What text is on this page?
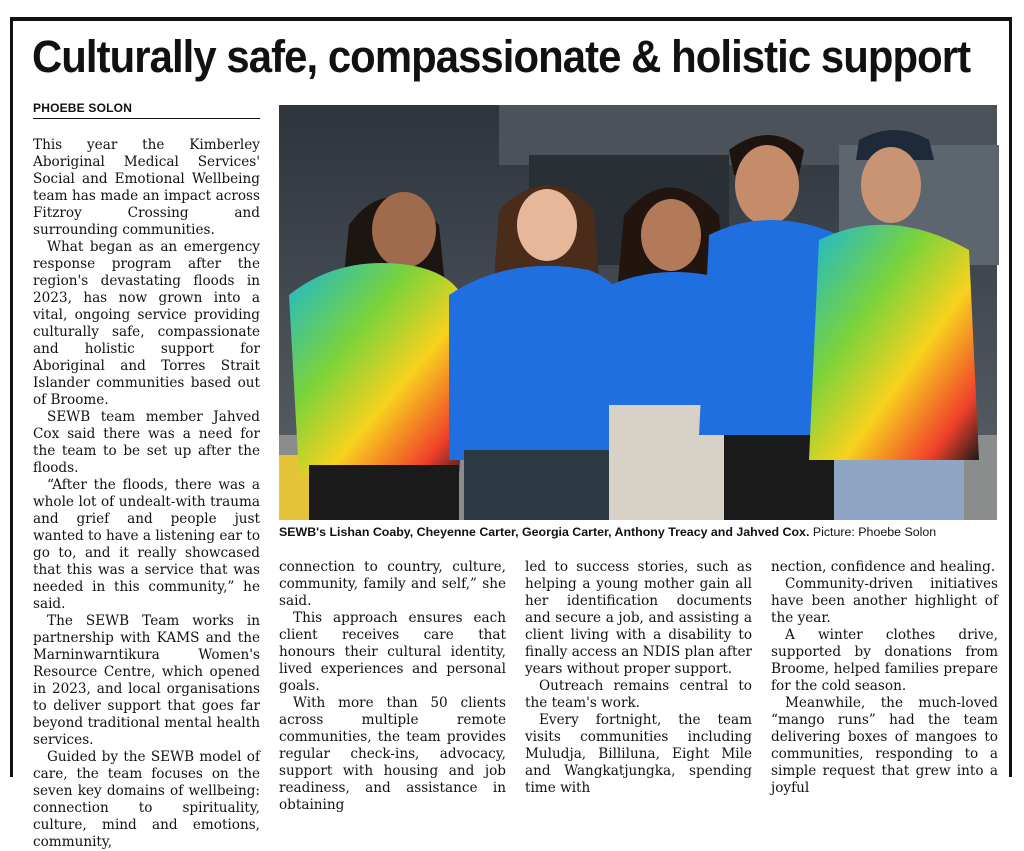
Culturally safe, compassionate & holistic support
PHOEBE SOLON

This year the Kimberley Aboriginal Medical Services' Social and Emotional Wellbeing team has made an impact across Fitzroy Crossing and surrounding communities.

What began as an emergency response program after the region's devastating floods in 2023, has now grown into a vital, ongoing service providing culturally safe, compassionate and holistic support for Aboriginal and Torres Strait Islander communities based out of Broome.

SEWB team member Jahved Cox said there was a need for the team to be set up after the floods.

“After the floods, there was a whole lot of undealt-with trauma and grief and people just wanted to have a listening ear to go to, and it really showcased that this was a service that was needed in this community,” he said.

The SEWB Team works in partnership with KAMS and the Marninwarntikura Women's Resource Centre, which opened in 2023, and local organisations to deliver support that goes far beyond traditional mental health services.

Guided by the SEWB model of care, the team focuses on the seven key domains of wellbeing: connection to spirituality, culture, mind and emotions, community,

SEWB's Lishan Coaby, Cheyenne Carter, Georgia Carter, Anthony Treacy and Jahved Cox. Picture: Phoebe Solon

connection to country, culture, community, family and self,” she said.

This approach ensures each client receives care that honours their cultural identity, lived experiences and personal goals.

With more than 50 clients across multiple remote communities, the team provides regular check-ins, advocacy, support with housing and job readiness, and assistance in obtaining

led to success stories, such as helping a young mother gain all her identification documents and secure a job, and assisting a client living with a disability to finally access an NDIS plan after years without proper support.

Outreach remains central to the team's work.

Every fortnight, the team visits communities including Muludja, Billiluna, Eight Mile and Wangkatjungka, spending time with

nection, confidence and healing.

Community-driven initiatives have been another highlight of the year.

A winter clothes drive, supported by donations from Broome, helped families prepare for the cold season.

Meanwhile, the much-loved “mango runs” had the team delivering boxes of mangoes to communities, responding to a simple request that grew into a joyful
